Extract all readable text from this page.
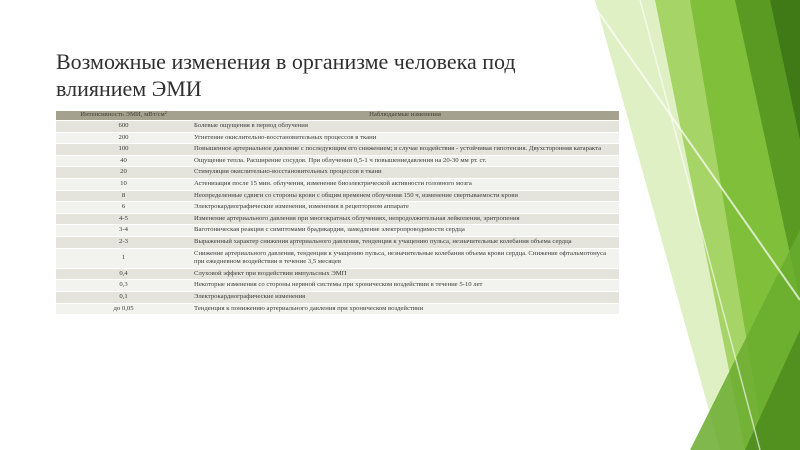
Возможные изменения в организме человека под
влиянием ЭМИ
Интенсивность ЭМИ, мВт/см²	Наблюдаемые изменения
600	Болевые ощущения в период облучения
200	Угнетение окислительно-восстановительных процессов в ткани
100	Повышенное артериальное давление с последующим его снижением; в случае воздействия - устойчивая гипотензия. Двухсторонняя катаракта
40	Ощущение тепла. Расширение сосудов. При облучении 0,5-1 ч повышениедавления на 20-30 мм рт. ст.
20	Стимуляция окислительно-восстановительных процессов в ткани
10	Астенизация после 15 мин. облучения, изменение биоэлектрической активности головного мозга
8	Неопределенные сдвиги со стороны крови с общим временем облучения 150 ч, изменение свертываемости крови
6	Электрокардиографические изменения, изменения в рецепторном аппарате
4-5	Изменение артериального давления при многократных облучениях, непродолжительная лейкопения, эритропения
3-4	Ваготоническая реакция с симптомами брадикардии, замедление электропроводимости сердца
2-3	Выраженный характер снижения артериального давления, тенденция к учащению пульса, незначительные колебания объема сердца
1	Снижение артериального давления, тенденция к учащению пульса, незначительные колебания объема крови сердца. Снижение офтальмотонуса при ежедневном воздействии в течение 3,5 месяцев
0,4	Слуховой эффект при воздействии импульсных ЭМП
0,3	Некоторые изменения со стороны нервной системы при хроническом воздействии в течение 5-10 лет
0,1	Электрокардиографические изменения
до 0,05	Тенденция к понижению артериального давления при хроническом воздействии
